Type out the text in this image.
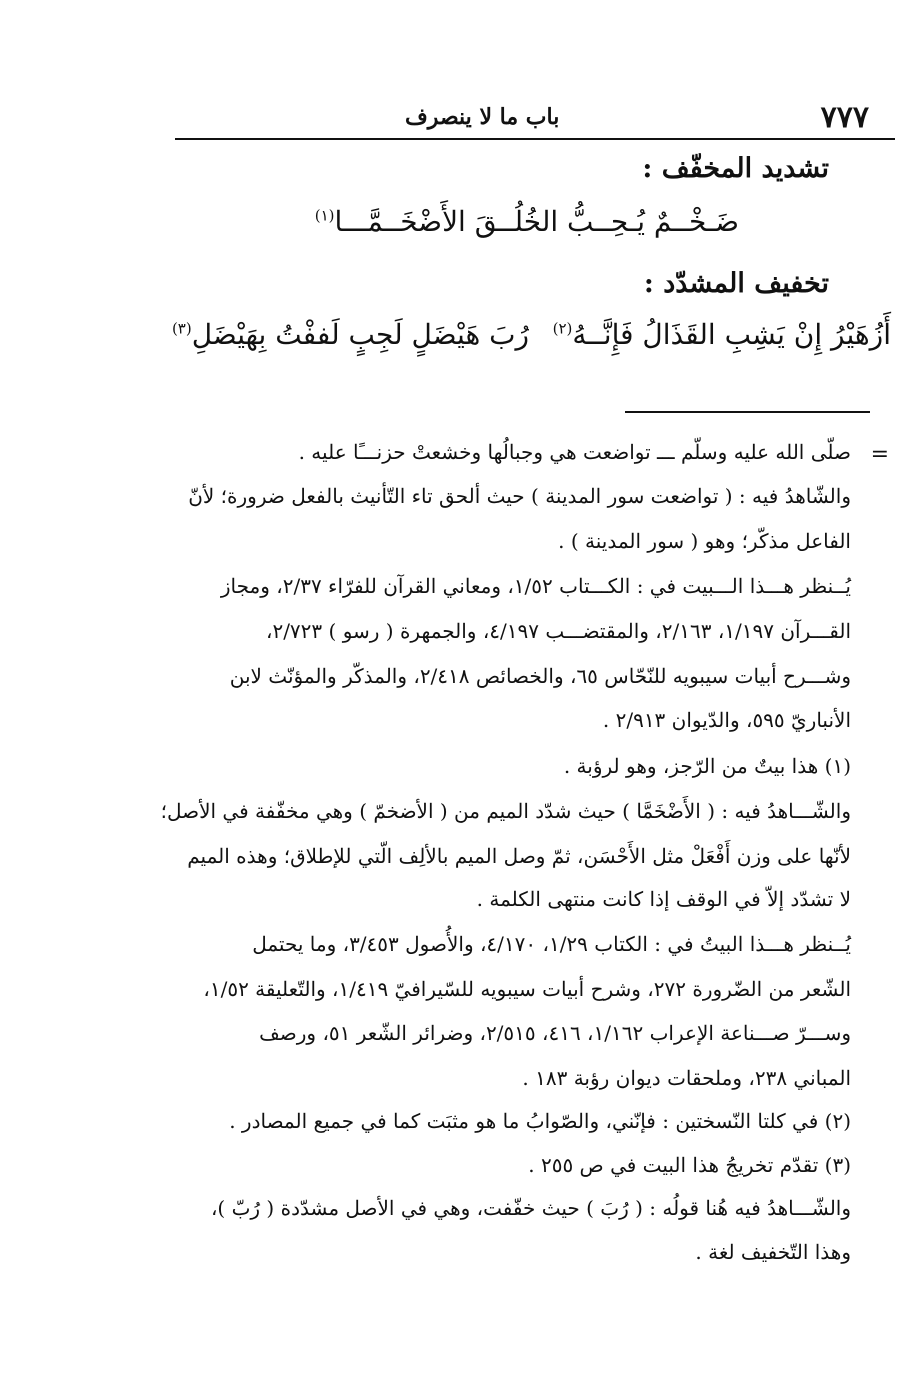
٧٧٧
باب ما لا ينصرف
تشديد المخفّف :
ضَـخْــمٌ يُـحِــبُّ الخُلُــقَ الأَضْخَــمَّـــا$^{(١)}$
تخفيف المشدّد :
أَزُهَيْرُ إِنْ يَشِبِ القَذَالُ فَإِنَّــهُ$^{(٢)}$
رُبَ هَيْضَلٍ لَجِبٍ لَففْتُ بِهَيْضَلِ$^{(٣)}$
=
صلّى الله عليه وسلّم ـــ تواضعت هي وجبالُها وخشعتْ حزنـــًا عليه .
والشّاهدُ فيه : ( تواضعت سور المدينة ) حيث ألحق تاء التّأنيث بالفعل ضرورة؛ لأنّ
الفاعل مذكّر؛ وهو ( سور المدينة ) .
يُــنظر هـــذا الـــبيت في : الكـــتاب ١/٥٢، ومعاني القرآن للفرّاء ٢/٣٧، ومجاز
القـــرآن ١/١٩٧، ٢/١٦٣، والمقتضـــب ٤/١٩٧، والجمهرة ( رسو ) ٢/٧٢٣،
وشـــرح أبيات سيبويه للنّحّاس ٦٥، والخصائص ٢/٤١٨، والمذكّر والمؤنّث لابن
الأنباريّ ٥٩٥، والدّيوان ٢/٩١٣ .
(١) هذا بيتٌ من الرّجز، وهو لرؤبة .
والشّـــاهدُ فيه : ( الأَضْخَمَّا ) حيث شدّد الميم من ( الأضخمّ ) وهي مخفّفة في الأصل؛
لأنّها على وزن أَفْعَلْ مثل الأَحْسَن، ثمّ وصل الميم بالألِف الّتي للإطلاق؛ وهذه الميم
لا تشدّد إلاّ في الوقف إذا كانت منتهى الكلمة .
يُــنظر هـــذا البيتُ في : الكتاب ١/٢٩، ٤/١٧٠، والأُصول ٣/٤٥٣، وما يحتمل
الشّعر من الضّرورة ٢٧٢، وشرح أبيات سيبويه للسّيرافيّ ١/٤١٩، والتّعليقة ١/٥٢،
وســـرّ صـــناعة الإعراب ١/١٦٢، ٤١٦، ٢/٥١٥، وضرائر الشّعر ٥١، ورصف
المباني ٢٣٨، وملحقات ديوان رؤبة ١٨٣ .
(٢) في كلتا النّسختين : فإنّني، والصّوابُ ما هو مثبَت كما في جميع المصادر .
(٣) تقدّم تخريجُ هذا البيت في ص ٢٥٥ .
والشّـــاهدُ فيه هُنا قولُه : ( رُبَ ) حيث خفّفت، وهي في الأصل مشدّدة ( رُبّ )،
وهذا التّخفيف لغة .
